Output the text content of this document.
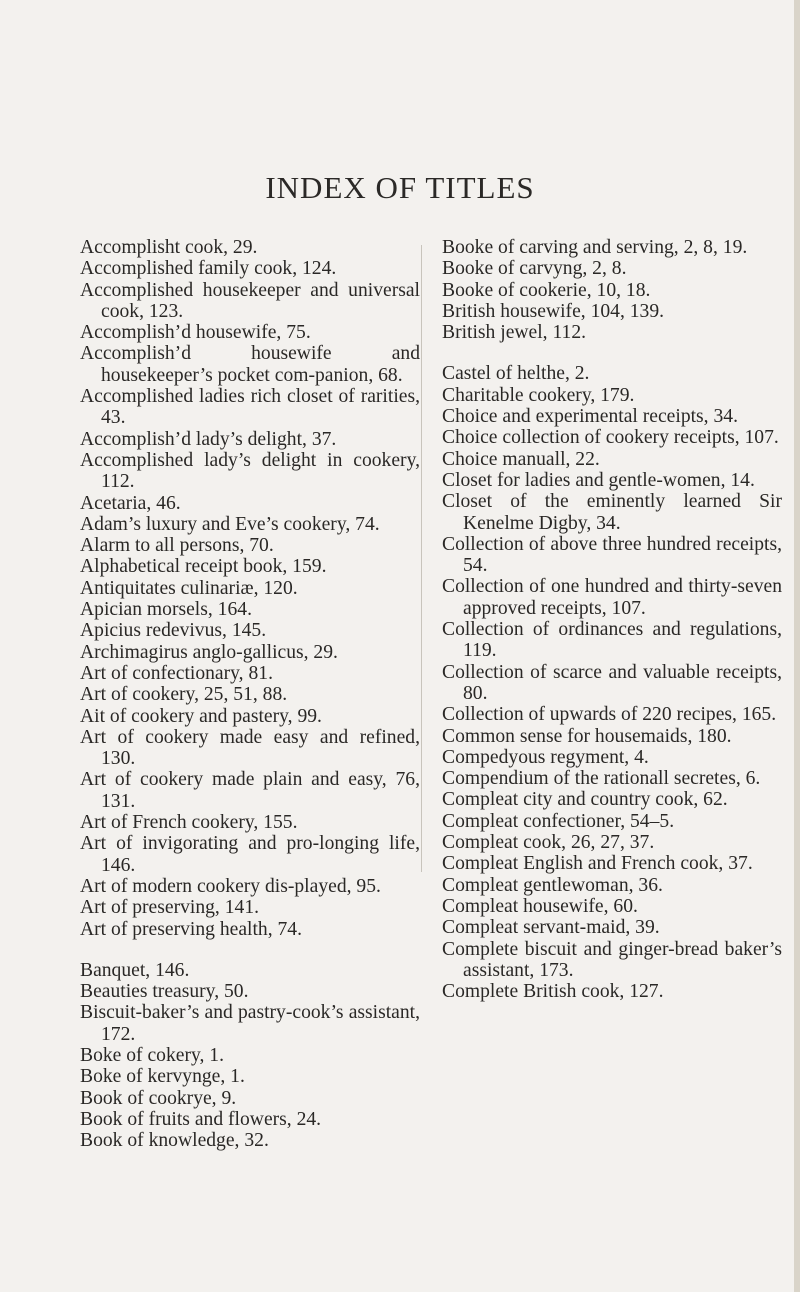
INDEX OF TITLES

Accomplisht cook, 29.

Accomplished family cook, 124.

Accomplished housekeeper and universal cook, 123.

Accomplish’d housewife, 75.

Accomplish’d housewife and housekeeper’s pocket com-panion, 68.

Accomplished ladies rich closet of rarities, 43.

Accomplish’d lady’s delight, 37.

Accomplished lady’s delight in cookery, 112.

Acetaria, 46.

Adam’s luxury and Eve’s cookery, 74.

Alarm to all persons, 70.

Alphabetical receipt book, 159.

Antiquitates culinariæ, 120.

Apician morsels, 164.

Apicius redevivus, 145.

Archimagirus anglo-gallicus, 29.

Art of confectionary, 81.

Art of cookery, 25, 51, 88.

Ait of cookery and pastery, 99.

Art of cookery made easy and refined, 130.

Art of cookery made plain and easy, 76, 131.

Art of French cookery, 155.

Art of invigorating and pro-longing life, 146.

Art of modern cookery dis-played, 95.

Art of preserving, 141.

Art of preserving health, 74.

Banquet, 146.

Beauties treasury, 50.

Biscuit-baker’s and pastry-cook’s assistant, 172.

Boke of cokery, 1.

Boke of kervynge, 1.

Book of cookrye, 9.

Book of fruits and flowers, 24.

Book of knowledge, 32.

Booke of carving and serving, 2, 8, 19.

Booke of carvyng, 2, 8.

Booke of cookerie, 10, 18.

British housewife, 104, 139.

British jewel, 112.

Castel of helthe, 2.

Charitable cookery, 179.

Choice and experimental receipts, 34.

Choice collection of cookery receipts, 107.

Choice manuall, 22.

Closet for ladies and gentle-women, 14.

Closet of the eminently learned Sir Kenelme Digby, 34.

Collection of above three hundred receipts, 54.

Collection of one hundred and thirty-seven approved receipts, 107.

Collection of ordinances and regulations, 119.

Collection of scarce and valuable receipts, 80.

Collection of upwards of 220 recipes, 165.

Common sense for housemaids, 180.

Compedyous regyment, 4.

Compendium of the rationall secretes, 6.

Compleat city and country cook, 62.

Compleat confectioner, 54–5.

Compleat cook, 26, 27, 37.

Compleat English and French cook, 37.

Compleat gentlewoman, 36.

Compleat housewife, 60.

Compleat servant-maid, 39.

Complete biscuit and ginger-bread baker’s assistant, 173.

Complete British cook, 127.
